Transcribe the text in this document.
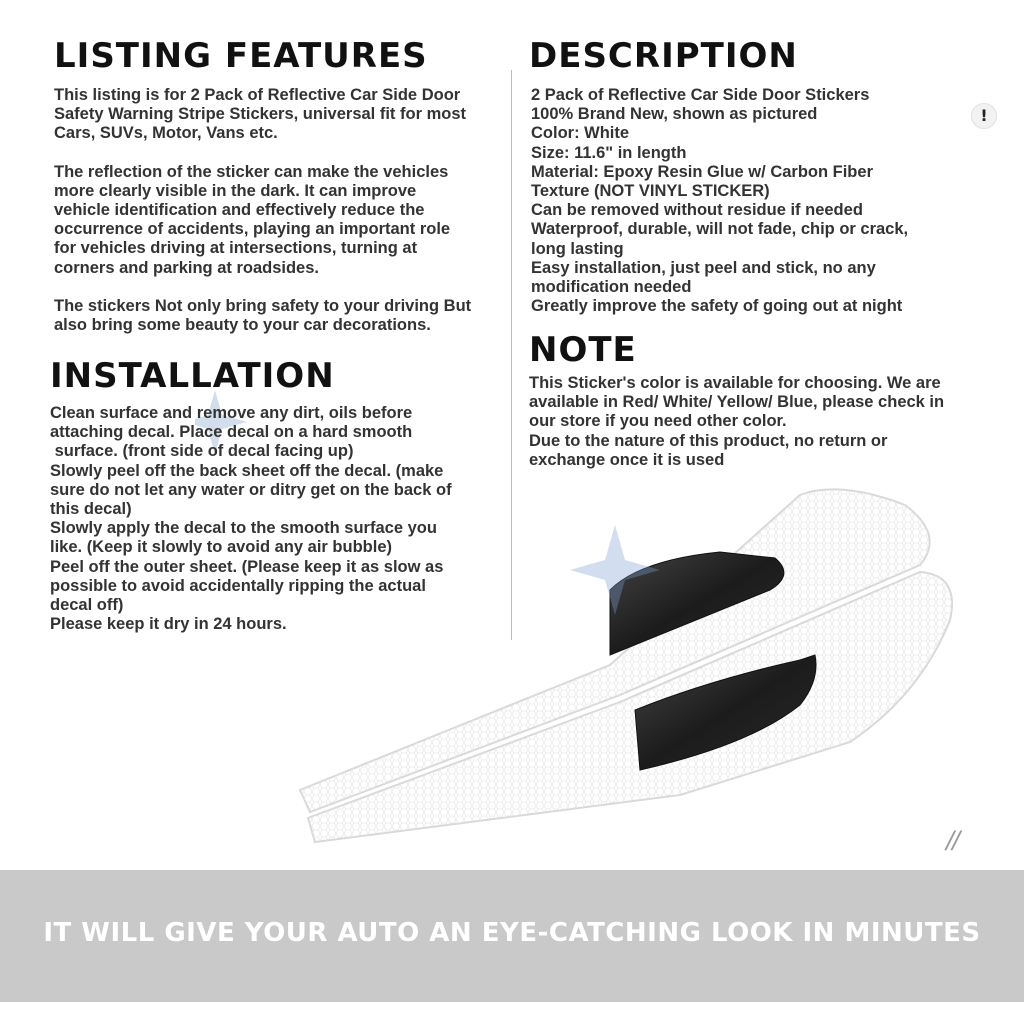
LISTING FEATURES

This listing is for 2 Pack of Reflective Car Side Door

Safety Warning Stripe Stickers, universal fit for most

Cars, SUVs, Motor, Vans etc.

The reflection of the sticker can make the vehicles

more clearly visible in the dark. It can improve

vehicle identification and effectively reduce the

occurrence of accidents, playing an important role

for vehicles driving at intersections, turning at

corners and parking at roadsides.

The stickers Not only bring safety to your driving But

also bring some beauty to your car decorations.

INSTALLATION

Clean surface and remove any dirt, oils before

attaching decal. Place decal on a hard smooth

surface. (front side of decal facing up)

Slowly peel off the back sheet off the decal. (make

sure do not let any water or ditry get on the back of

this decal)

Slowly apply the decal to the smooth surface you

like. (Keep it slowly to avoid any air bubble)

Peel off the outer sheet. (Please keep it as slow as

possible to avoid accidentally ripping the actual

decal off)

Please keep it dry in 24 hours.

DESCRIPTION

2 Pack of Reflective Car Side Door Stickers

100% Brand New, shown as pictured

Color: White

Size: 11.6" in length

Material: Epoxy Resin Glue w/ Carbon Fiber

Texture (NOT VINYL STICKER)

Can be removed without residue if needed

Waterproof, durable, will not fade, chip or crack,

long lasting

Easy installation, just peel and stick, no any

modification needed

Greatly improve the safety of going out at night

!
NOTE

This Sticker's color is available for choosing. We are

available in Red/ White/ Yellow/ Blue, please check in

our store if you need other color.

Due to the nature of this product, no return or

exchange once it is used

//
IT WILL GIVE YOUR AUTO AN EYE-CATCHING LOOK IN MINUTES
